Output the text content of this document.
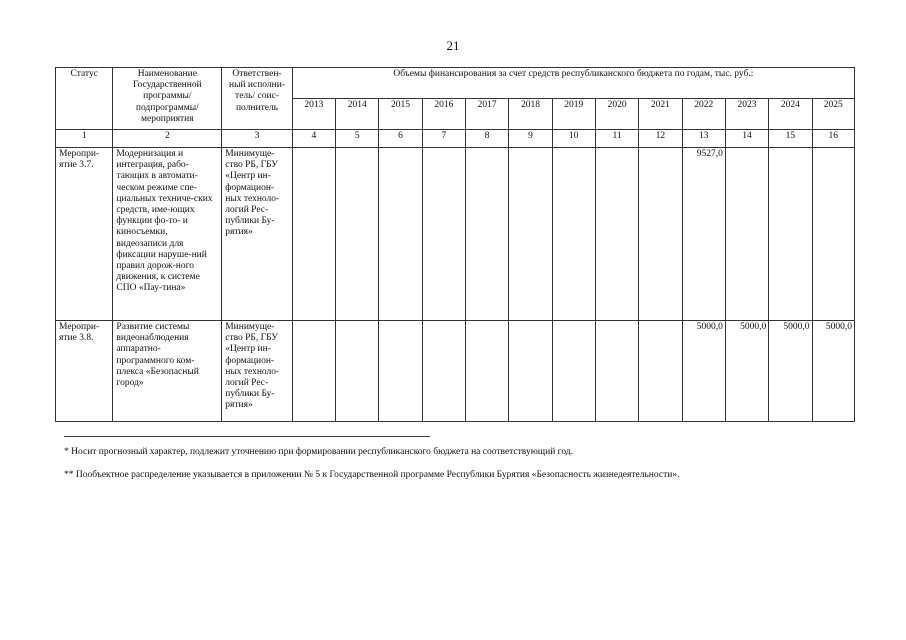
21
Статус	Наименование Государственной программы/ подпрограммы/ мероприятия	Ответствен-ный исполни-тель/ соис-полнитель	Объемы финансирования за счет средств республиканского бюджета по годам, тыс. руб.:												
			2013	2014	2015	2016	2017	2018	2019	2020	2021	2022	2023	2024	2025
1	2	3	4	5	6	7	8	9	10	11	12	13	14	15	16
Меропри-ятие 3.7.	Модернизация и интеграция, рабо-тающих в автомати-ческом режиме спе-циальных техниче-ских средств, име-ющих функции фо-то- и киносъемки, видеозаписи для фиксации наруше-ний правил дорож-ного движения, к системе СПО «Пау-тина»	Минимуще-ство РБ, ГБУ «Центр ин-формацион-ных техноло-логий Рес-публики Бу-рятия»										9527,0			
Меропри-ятие 3.8.	Развитие системы видеонаблюдения аппаратно-программного ком-плекса «Безопасный город»	Минимуще-ство РБ, ГБУ «Центр ин-формацион-ных техноло-логий Рес-публики Бу-рятия»										5000,0	5000,0	5000,0	5000,0
* Носит прогнозный характер, подлежит уточнению при формировании республиканского бюджета на соответствующий год.
** Пообъектное распределение указывается в приложении № 5 к Государственной программе Республики Бурятия «Безопасность жизнедеятельности».
